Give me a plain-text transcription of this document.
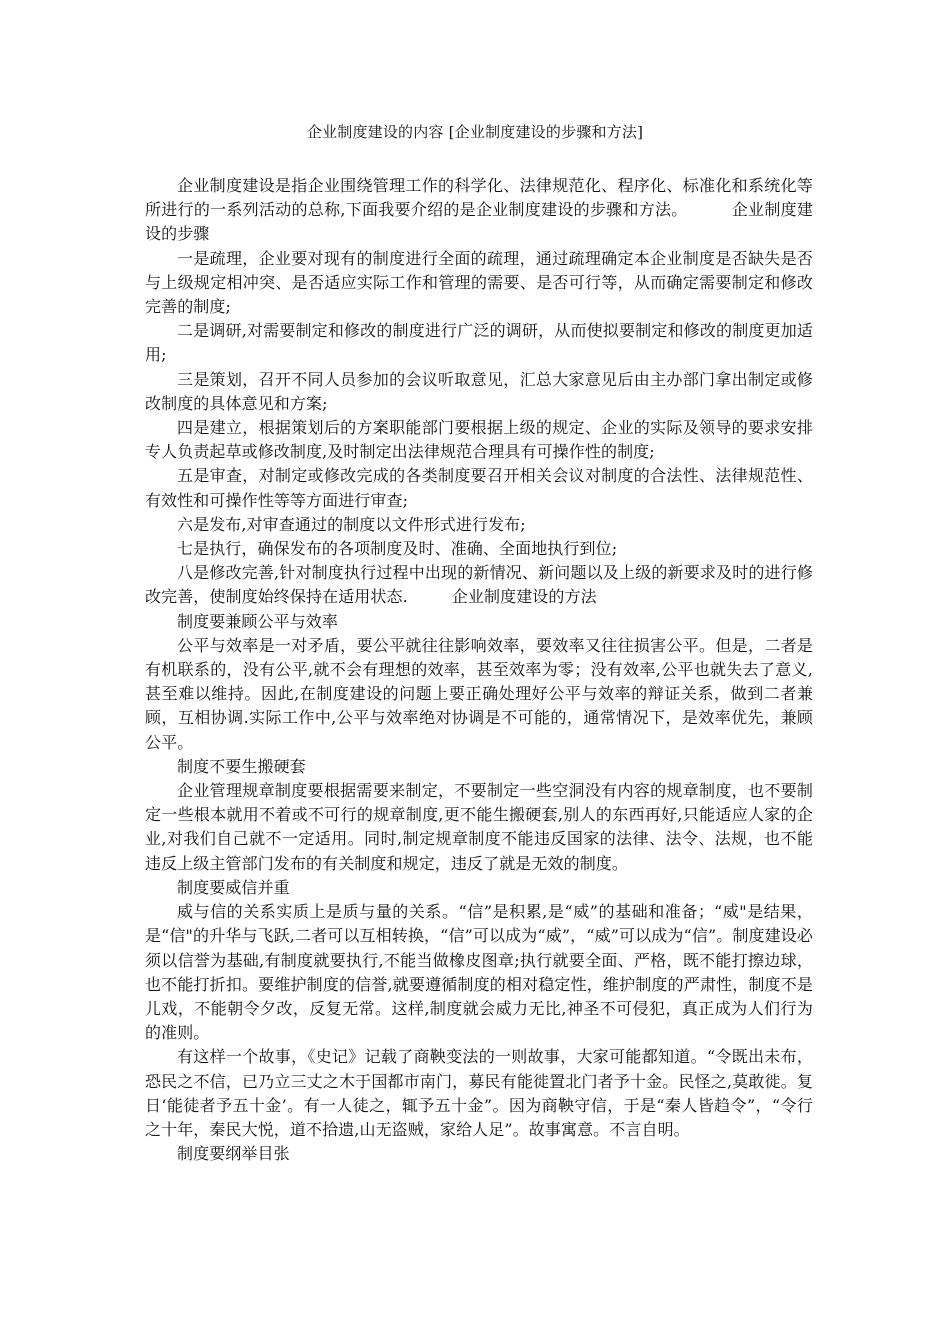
企业制度建设的内容 [企业制度建设的步骤和方法]

企业制度建设是指企业围绕管理工作的科学化、法律规范化、程序化、标准化和系统化等所进行的一系列活动的总称,下面我要介绍的是企业制度建设的步骤和方法。	企业制度建设的步骤

一是疏理，企业要对现有的制度进行全面的疏理，通过疏理确定本企业制度是否缺失是否与上级规定相冲突、是否适应实际工作和管理的需要、是否可行等，从而确定需要制定和修改完善的制度;

二是调研,对需要制定和修改的制度进行广泛的调研，从而使拟要制定和修改的制度更加适用;

三是策划，召开不同人员参加的会议听取意见，汇总大家意见后由主办部门拿出制定或修改制度的具体意见和方案;

四是建立，根据策划后的方案职能部门要根据上级的规定、企业的实际及领导的要求安排专人负责起草或修改制度,及时制定出法律规范合理具有可操作性的制度;

五是审查，对制定或修改完成的各类制度要召开相关会议对制度的合法性、法律规范性、有效性和可操作性等等方面进行审查;

六是发布,对审查通过的制度以文件形式进行发布;

七是执行，确保发布的各项制度及时、准确、全面地执行到位;

八是修改完善,针对制度执行过程中出现的新情况、新问题以及上级的新要求及时的进行修改完善，使制度始终保持在适用状态.	企业制度建设的方法

制度要兼顾公平与效率

公平与效率是一对矛盾，要公平就往往影响效率，要效率又往往损害公平。但是，二者是有机联系的，没有公平,就不会有理想的效率，甚至效率为零；没有效率,公平也就失去了意义,甚至难以维持。因此,在制度建设的问题上要正确处理好公平与效率的辩证关系，做到二者兼顾，互相协调.实际工作中,公平与效率绝对协调是不可能的，通常情况下，是效率优先，兼顾公平。

制度不要生搬硬套

企业管理规章制度要根据需要来制定，不要制定一些空洞没有内容的规章制度，也不要制定一些根本就用不着或不可行的规章制度,更不能生搬硬套,别人的东西再好,只能适应人家的企业,对我们自己就不一定适用。同时,制定规章制度不能违反国家的法律、法令、法规，也不能违反上级主管部门发布的有关制度和规定，违反了就是无效的制度。

制度要威信并重

威与信的关系实质上是质与量的关系。“信”是积累,是“威”的基础和准备；“威"是结果，是“信"的升华与飞跃,二者可以互相转换，“信”可以成为“威”，“威”可以成为“信”。制度建设必须以信誉为基础,有制度就要执行,不能当做橡皮图章;执行就要全面、严格，既不能打擦边球，也不能打折扣。要维护制度的信誉,就要遵循制度的相对稳定性，维护制度的严肃性，制度不是儿戏，不能朝令夕改，反复无常。这样,制度就会威力无比,神圣不可侵犯，真正成为人们行为的准则。

有这样一个故事，《史记》记载了商鞅变法的一则故事，大家可能都知道。“令既出未布，恐民之不信，已乃立三丈之木于国都市南门，募民有能徙置北门者予十金。民怪之,莫敢徙。复日‘能徒者予五十金’。有一人徒之，辄予五十金”。因为商鞅守信，于是“秦人皆趋令”，“令行之十年，秦民大悦，道不拾遗,山无盗贼，家给人足”。故事寓意。不言自明。

制度要纲举目张
